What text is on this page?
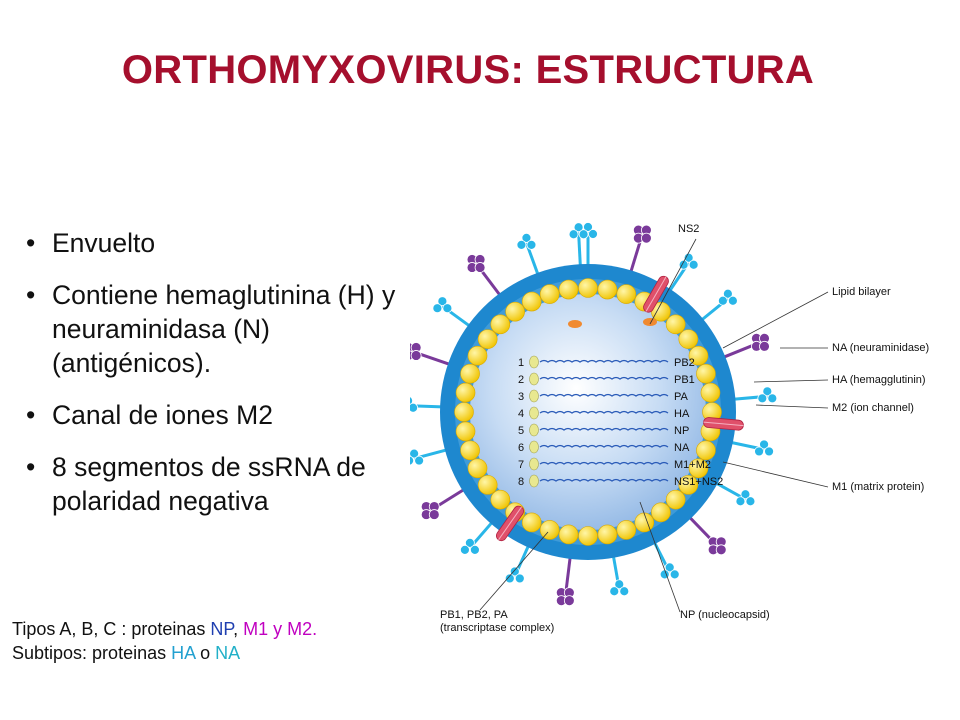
ORTHOMYXOVIRUS: ESTRUCTURA
• Envuelto
• Contiene hemaglutinina (H) y neuraminidasa (N) (antigénicos).
• Canal de iones M2
• 8 segmentos de ssRNA de polaridad negativa
Tipos A, B, C : proteinas NP, M1 y M2.
Subtipos: proteinas HA o NA
1	PB2
2	PB1
3	PA
4	HA
5	NP
6	NA
7	M1+M2
8	NS1+NS2
NS2
Lipid bilayer
NA (neuraminidase)
HA (hemagglutinin)
M2 (ion channel)
M1 (matrix protein)
PB1, PB2, PA
(transcriptase complex)
NP (nucleocapsid)
